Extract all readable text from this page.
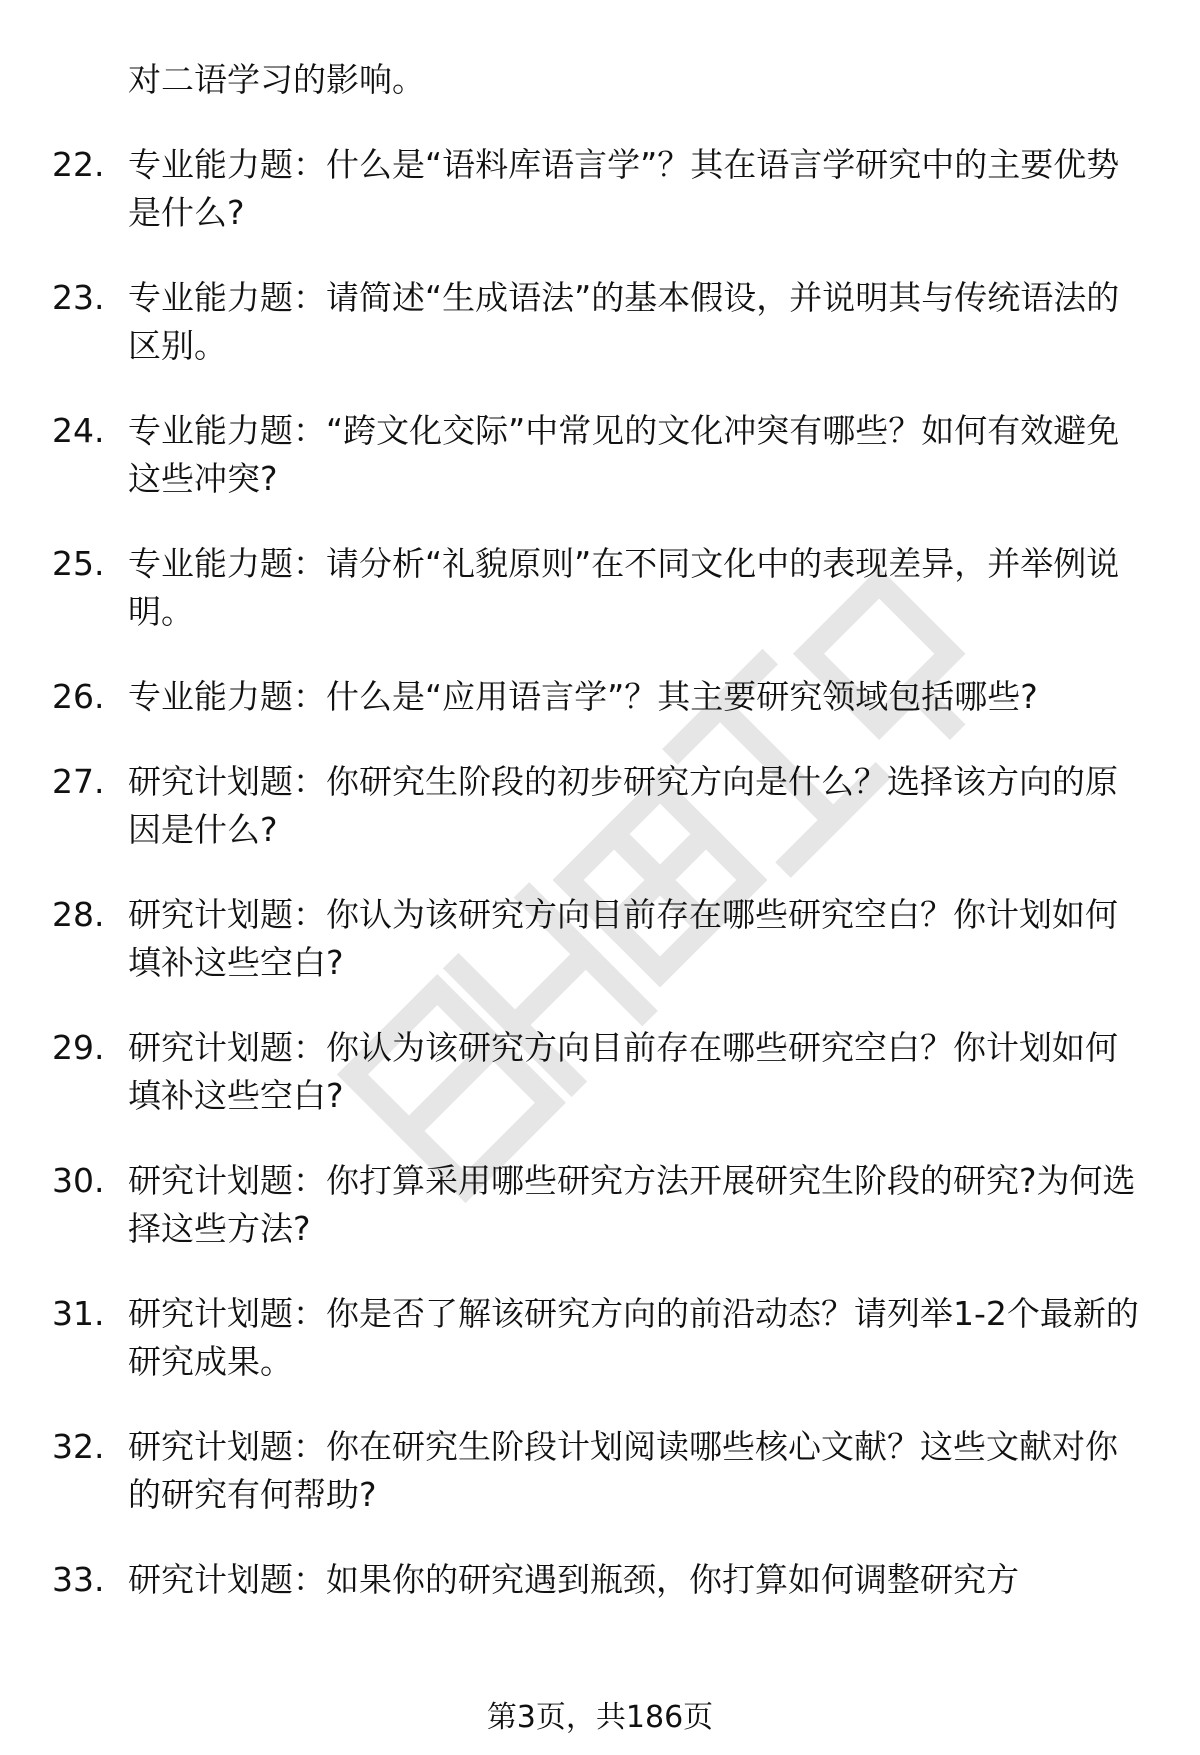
对二语学习的影响。
22. 专业能力题：什么是“语料库语言学”？其在语言学研究中的主要优势是什么?
23. 专业能力题：请简述“生成语法”的基本假设，并说明其与传统语法的区别。
24. 专业能力题：“跨文化交际”中常见的文化冲突有哪些？如何有效避免这些冲突?
25. 专业能力题：请分析“礼貌原则”在不同文化中的表现差异，并举例说明。
26. 专业能力题：什么是“应用语言学”？其主要研究领域包括哪些?
27. 研究计划题：你研究生阶段的初步研究方向是什么？选择该方向的原因是什么?
28. 研究计划题：你认为该研究方向目前存在哪些研究空白？你计划如何填补这些空白?
29. 研究计划题：你认为该研究方向目前存在哪些研究空白？你计划如何填补这些空白?
30. 研究计划题：你打算采用哪些研究方法开展研究生阶段的研究?为何选择这些方法?
31. 研究计划题：你是否了解该研究方向的前沿动态？请列举1-2个最新的研究成果。
32. 研究计划题：你在研究生阶段计划阅读哪些核心文献？这些文献对你的研究有何帮助?
33. 研究计划题：如果你的研究遇到瓶颈，你打算如何调整研究方
第3页，共186页
